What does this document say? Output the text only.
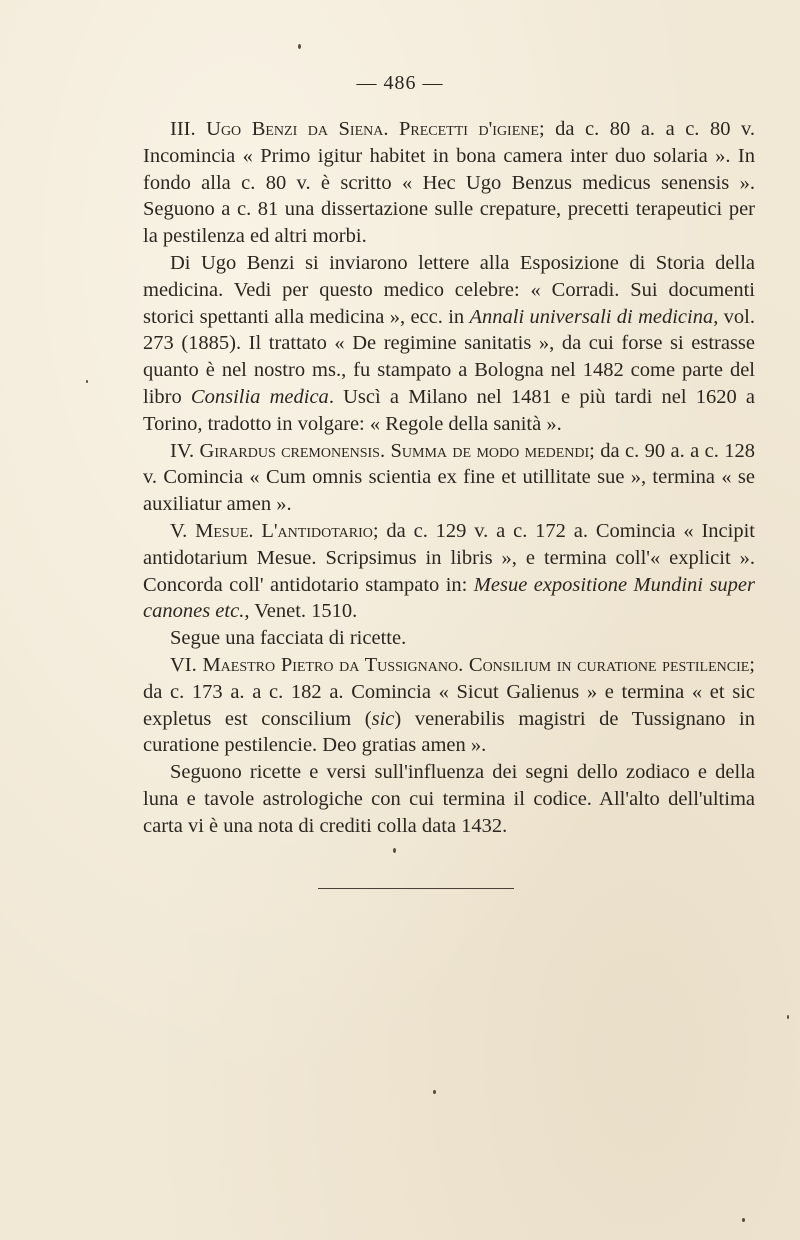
— 486 —

III. Ugo Benzi da Siena. Precetti d'igiene; da c. 80 a. a c. 80 v. Incomincia « Primo igitur habitet in bona camera inter duo solaria ». In fondo alla c. 80 v. è scritto « Hec Ugo Benzus medicus senensis ». Seguono a c. 81 una dissertazione sulle crepature, precetti terapeutici per la pestilenza ed altri morbi.

Di Ugo Benzi si inviarono lettere alla Esposizione di Storia della medicina. Vedi per questo medico celebre: « Corradi. Sui documenti storici spettanti alla medicina », ecc. in Annali universali di medicina, vol. 273 (1885). Il trattato « De regimine sanitatis », da cui forse si estrasse quanto è nel nostro ms., fu stampato a Bologna nel 1482 come parte del libro Consilia medica. Uscì a Milano nel 1481 e più tardi nel 1620 a Torino, tradotto in volgare: « Regole della sanità ».

IV. Girardus cremonensis. Summa de modo medendi; da c. 90 a. a c. 128 v. Comincia « Cum omnis scientia ex fine et utillitate sue », termina « se auxiliatur amen ».

V. Mesue. L'antidotario; da c. 129 v. a c. 172 a. Comincia « Incipit antidotarium Mesue. Scripsimus in libris », e termina coll'« explicit ». Concorda coll' antidotario stampato in: Mesue expositione Mundini super canones etc., Venet. 1510.

Segue una facciata di ricette.

VI. Maestro Pietro da Tussignano. Consilium in curatione pestilencie; da c. 173 a. a c. 182 a. Comincia « Sicut Galienus » e termina « et sic expletus est conscilium (sic) venerabilis magistri de Tussignano in curatione pestilencie. Deo gratias amen ».

Seguono ricette e versi sull'influenza dei segni dello zodiaco e della luna e tavole astrologiche con cui termina il codice. All'alto dell'ultima carta vi è una nota di crediti colla data 1432.
